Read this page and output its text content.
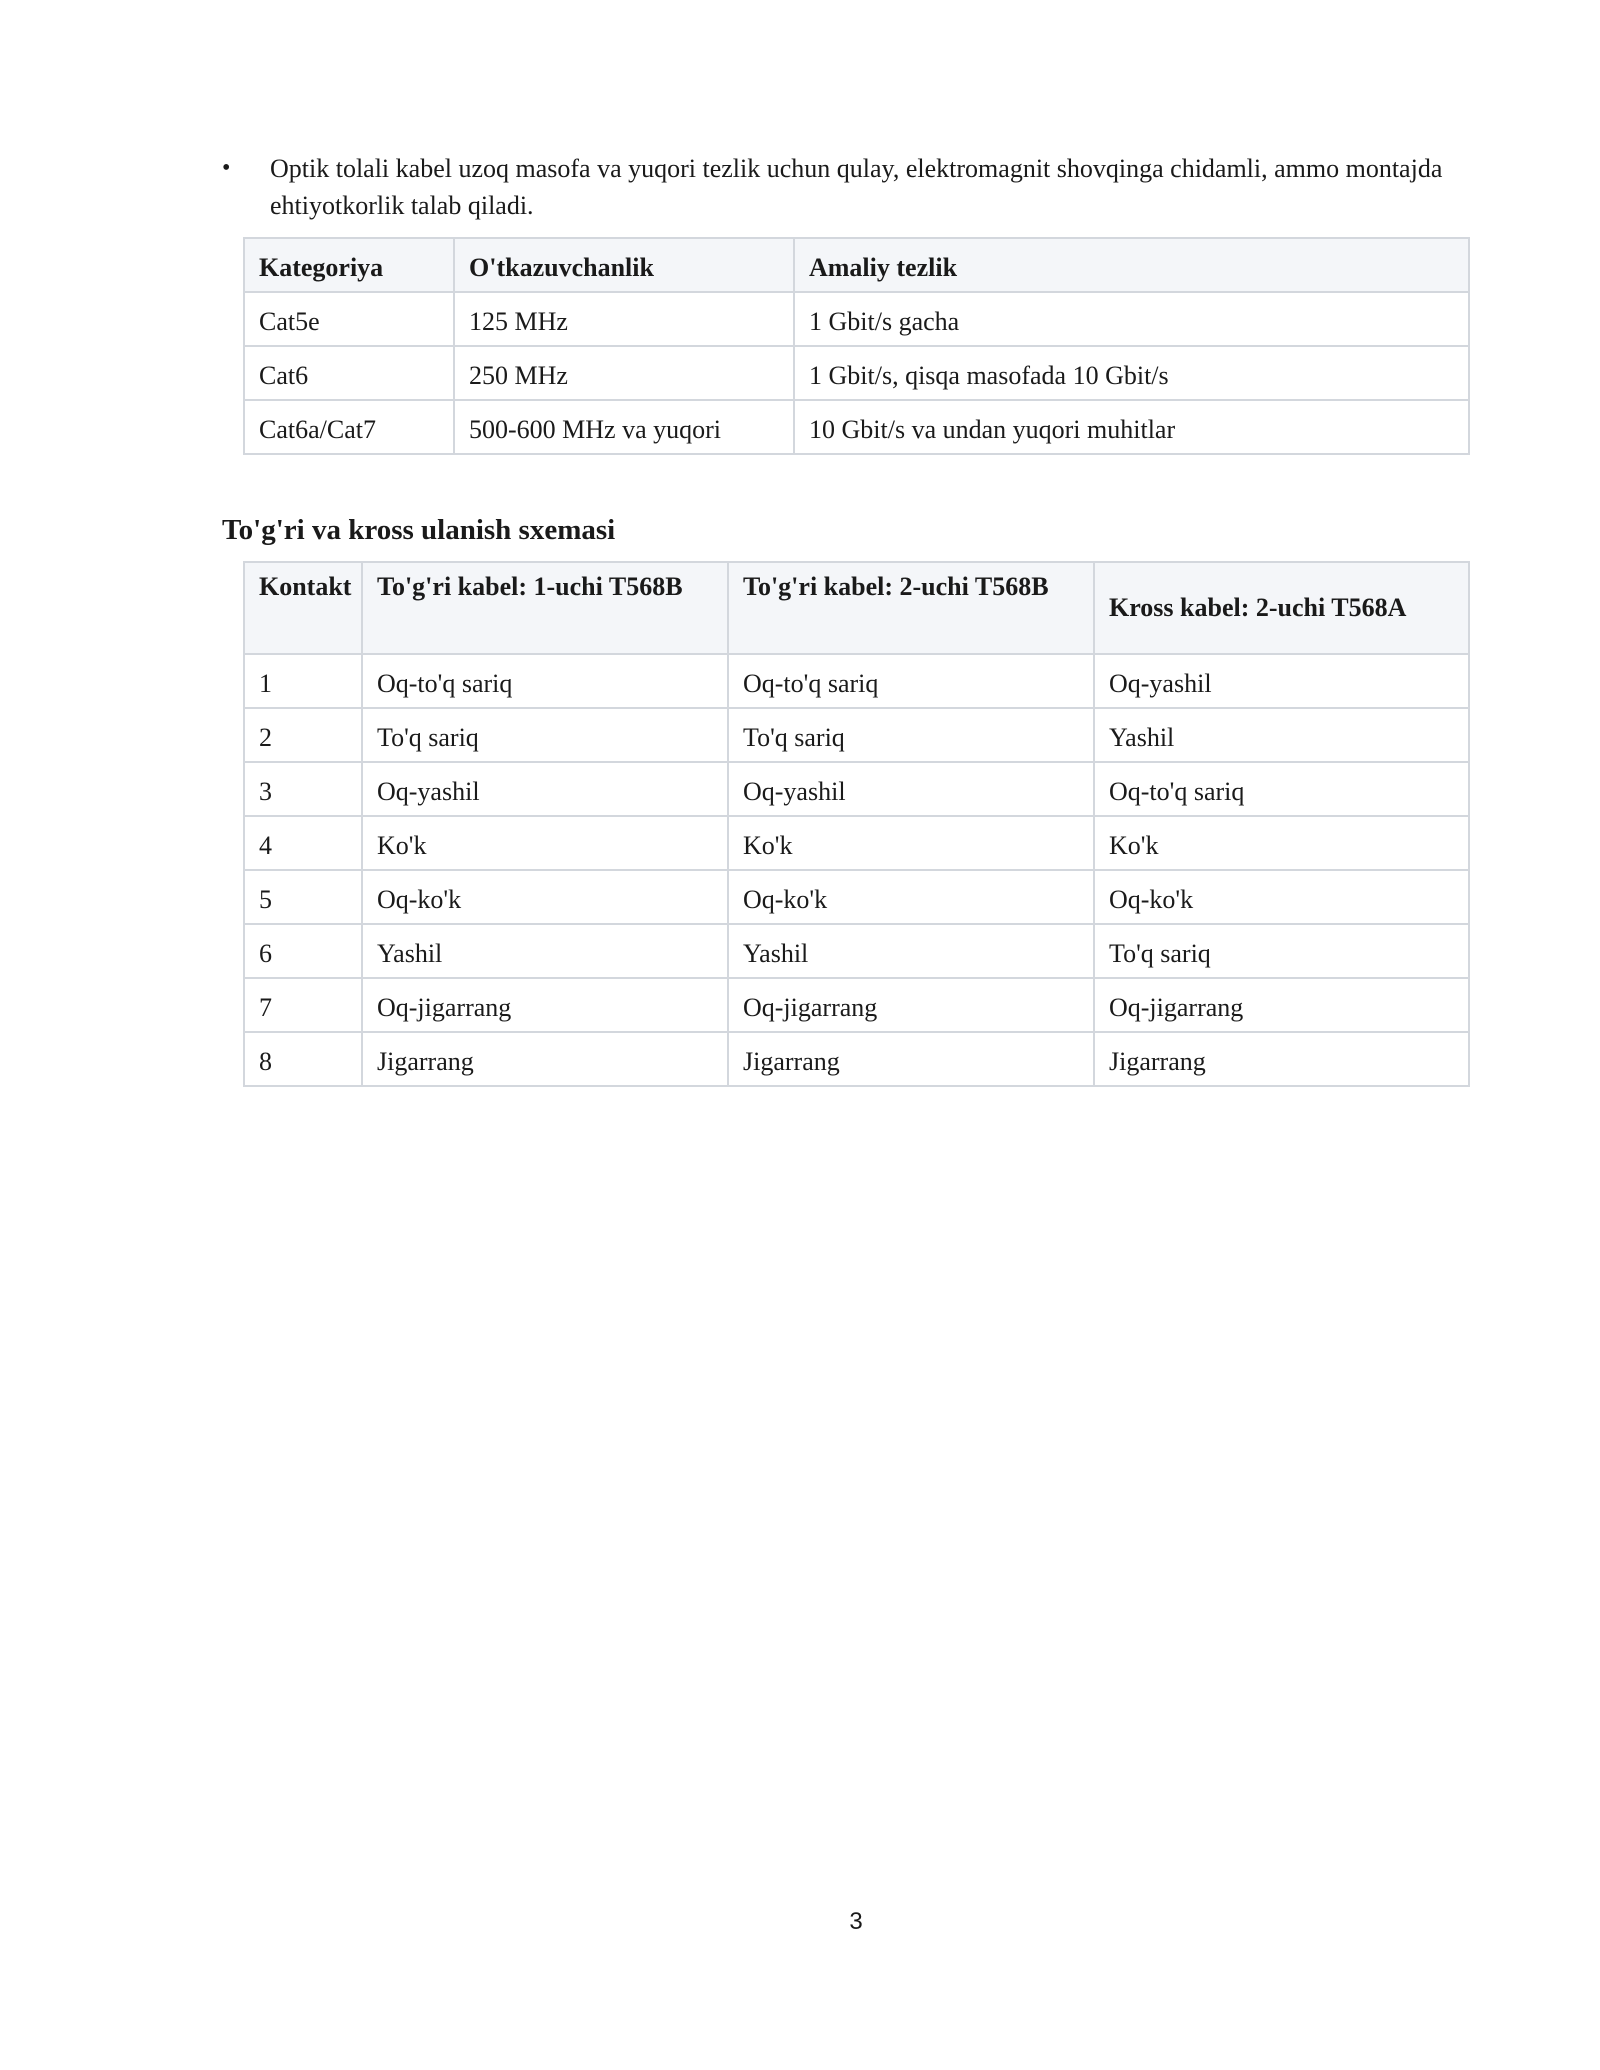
• Optik tolali kabel uzoq masofa va yuqori tezlik uchun qulay, elektromagnit shovqinga chidamli, ammo montajda ehtiyotkorlik talab qiladi.
Kategoriya	O'tkazuvchanlik	Amaliy tezlik
Cat5e	125 MHz	1 Gbit/s gacha
Cat6	250 MHz	1 Gbit/s, qisqa masofada 10 Gbit/s
Cat6a/Cat7	500-600 MHz va yuqori	10 Gbit/s va undan yuqori muhitlar
To'g'ri va kross ulanish sxemasi
Kontakt	To'g'ri kabel: 1-uchi T568B	To'g'ri kabel: 2-uchi T568B	Kross kabel: 2-uchi T568A
1	Oq-to'q sariq	Oq-to'q sariq	Oq-yashil
2	To'q sariq	To'q sariq	Yashil
3	Oq-yashil	Oq-yashil	Oq-to'q sariq
4	Ko'k	Ko'k	Ko'k
5	Oq-ko'k	Oq-ko'k	Oq-ko'k
6	Yashil	Yashil	To'q sariq
7	Oq-jigarrang	Oq-jigarrang	Oq-jigarrang
8	Jigarrang	Jigarrang	Jigarrang
3
